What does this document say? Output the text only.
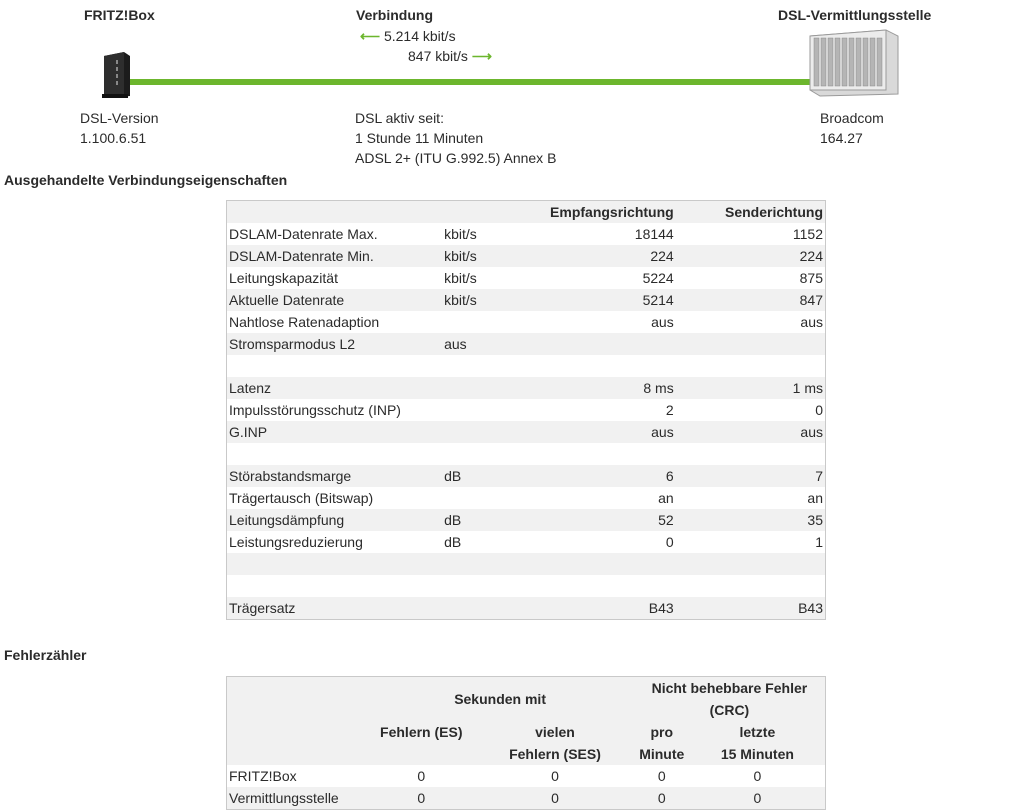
FRITZ!Box	Verbindung	DSL-Vermittlungsstelle
⟵ 5.214 kbit/s
847 kbit/s ⟶
DSL-Version
1.100.6.51
DSL aktiv seit:
1 Stunde 11 Minuten
ADSL 2+ (ITU G.992.5) Annex B
Broadcom
164.27
Ausgehandelte Verbindungseigenschaften
		Empfangsrichtung	Senderichtung
DSLAM-Datenrate Max.	kbit/s	18144	1152
DSLAM-Datenrate Min.	kbit/s	224	224
Leitungskapazität	kbit/s	5224	875
Aktuelle Datenrate	kbit/s	5214	847
Nahtlose Ratenadaption		aus	aus
Stromsparmodus L2	aus		

Latenz		8 ms	1 ms
Impulsstörungsschutz (INP)		2	0
G.INP		aus	aus

Störabstandsmarge	dB	6	7
Trägertausch (Bitswap)		an	an
Leitungsdämpfung	dB	52	35
Leistungsreduzierung	dB	0	1

Trägersatz		B43	B43
Fehlerzähler
	Sekunden mit		Nicht behebbare Fehler (CRC)	
	Fehlern (ES)	vielen	pro	letzte
		Fehlern (SES)	Minute	15 Minuten
FRITZ!Box	0	0	0	0
Vermittlungsstelle	0	0	0	0
